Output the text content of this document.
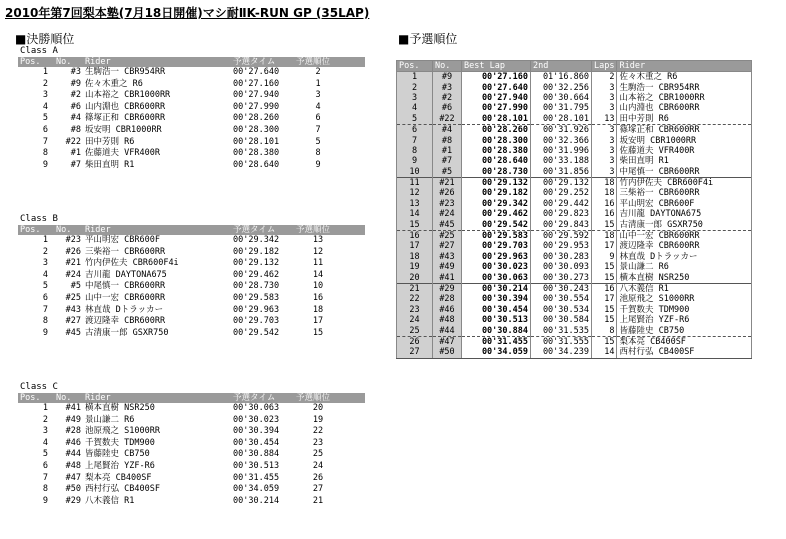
2010年第7回梨本塾(7月18日開催)マシ耐ⅡK-RUN GP (35LAP)
■決勝順位	■予選順位
Class A
Pos. No. Rider	予選タイム 予選順位
1	#3 生駒浩一 CBR954RR	00'27.640	2
2	#9 佐々木重之 R6	00'27.160	1
3	#2 山本裕之 CBR1000RR	00'27.940	3
4	#6 山内淵也 CBR600RR	00'27.990	4
5	#4 篠塚正和 CBR600RR	00'28.260	6
6	#8 坂安明 CBR1000RR	00'28.300	7
7	#22 田中芳則 R6	00'28.101	5
8	#1 佐藤道夫 VFR400R	00'28.380	8
9	#7 柴田直明 R1	00'28.640	9
Class B
Pos. No. Rider	予選タイム 予選順位
1	#23 平山明宏 CBR600F	00'29.342	13
2	#26 三柴裕一 CBR600RR	00'29.182	12
3	#21 竹内伊佐夫 CBR600F4i	00'29.132	11
4	#24 吉川龍 DAYTONA675	00'29.462	14
5	#5 中尾慎一 CBR600RR	00'28.730	10
6	#25 山中一宏 CBR600RR	00'29.583	16
7	#43 林直哉 Dトラッカー	00'29.963	18
8	#27 渡辺隆幸 CBR600RR	00'29.703	17
9	#45 古清康一郎 GSXR750	00'29.542	15
Class C
Pos. No. Rider	予選タイム 予選順位
1	#41 横本直樹 NSR250	00'30.063	20
2	#49 景山謙二 R6	00'30.023	19
3	#28 池原飛之 S1000RR	00'30.394	22
4	#46 千賀数夫 TDM900	00'30.454	23
5	#44 皆藤陸史 CB750	00'30.884	25
6	#48 上尾賢治 YZF-R6	00'30.513	24
7	#47 梨本亮 CB400SF	00'31.455	26
8	#50 西村行弘 CB400SF	00'34.059	27
9	#29 八木義信 R1	00'30.214	21
Pos.	No.	Best Lap	2nd	Laps	Rider
1	#9	00'27.160	01'16.860	2	佐々木重之 R6
2	#3	00'27.640	00'32.256	3	生駒浩一 CBR954RR
3	#2	00'27.940	00'30.664	3	山本裕之 CBR1000RR
4	#6	00'27.990	00'31.795	3	山内淵也 CBR600RR
5	#22	00'28.101	00'28.101	13	田中芳則 R6
6	#4	00'28.260	00'31.926	3	篠塚正和 CBR600RR
7	#8	00'28.300	00'32.366	3	坂安明 CBR1000RR
8	#1	00'28.380	00'31.996	3	佐藤道夫 VFR400R
9	#7	00'28.640	00'33.188	3	柴田直明 R1
10	#5	00'28.730	00'31.856	3	中尾慎一 CBR600RR
11	#21	00'29.132	00'29.132	18	竹内伊佐夫 CBR600F4i
12	#26	00'29.182	00'29.252	18	三柴裕一 CBR600RR
13	#23	00'29.342	00'29.442	16	平山明宏 CBR600F
14	#24	00'29.462	00'29.823	16	吉川龍 DAYTONA675
15	#45	00'29.542	00'29.843	15	古清康一郎 GSXR750
16	#25	00'29.583	00'29.592	18	山中一宏 CBR600RR
17	#27	00'29.703	00'29.953	17	渡辺隆幸 CBR600RR
18	#43	00'29.963	00'30.283	9	林直哉 Dトラッカー
19	#49	00'30.023	00'30.093	15	景山謙二 R6
20	#41	00'30.063	00'30.273	15	横本直樹 NSR250
21	#29	00'30.214	00'30.243	16	八木義信 R1
22	#28	00'30.394	00'30.554	17	池原飛之 S1000RR
23	#46	00'30.454	00'30.534	15	千賀数夫 TDM900
24	#48	00'30.513	00'30.584	15	上尾賢治 YZF-R6
25	#44	00'30.884	00'31.535	8	皆藤陸史 CB750
26	#47	00'31.455	00'31.555	15	梨本亮 CB400SF
27	#50	00'34.059	00'34.239	14	西村行弘 CB400SF
